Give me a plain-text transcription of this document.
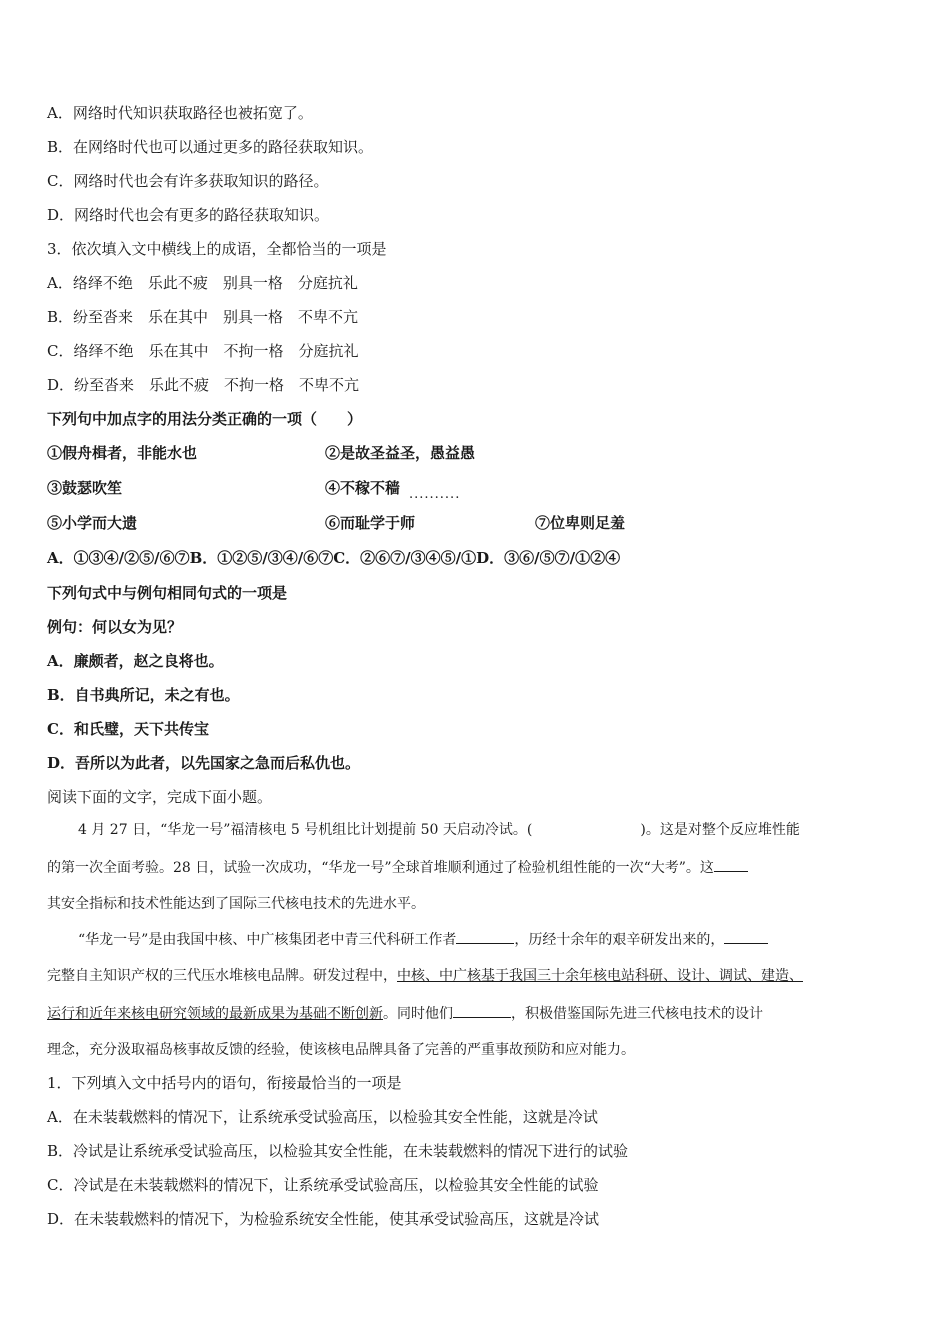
A．网络时代知识获取路径也被拓宽了。
B．在网络时代也可以通过更多的路径获取知识。
C．网络时代也会有许多获取知识的路径。
D．网络时代也会有更多的路径获取知识。
3．依次填入文中横线上的成语，全都恰当的一项是
A．络绎不绝　乐此不疲　别具一格　分庭抗礼
B．纷至沓来　乐在其中　别具一格　不卑不亢
C．络绎不绝　乐在其中　不拘一格　分庭抗礼
D．纷至沓来　乐此不疲　不拘一格　不卑不亢
下列句中加点字的用法分类正确的一项（　　）
①假舟楫者，非能水也	②是故圣益圣，愚益愚
③鼓瑟吹笙	④不稼不穑 ..........
⑤小学而大遗	⑥而耻学于师	⑦位卑则足羞
A．①③④/②⑤/⑥⑦B．①②⑤/③④/⑥⑦C．②⑥⑦/③④⑤/①D．③⑥/⑤⑦/①②④
下列句式中与例句相同句式的一项是
例句：何以女为见？
A．廉颇者，赵之良将也。
B．自书典所记，未之有也。
C．和氏璧，天下共传宝
D．吾所以为此者，以先国家之急而后私仇也。
阅读下面的文字，完成下面小题。
4 月 27 日，“华龙一号”福清核电 5 号机组比计划提前 50 天启动冷试。(	)。这是对整个反应堆性能
的第一次全面考验。28 日，试验一次成功，“华龙一号”全球首堆顺利通过了检验机组性能的一次“大考”。这
其安全指标和技术性能达到了国际三代核电技术的先进水平。
“华龙一号”是由我国中核、中广核集团老中青三代科研工作者	，历经十余年的艰辛研发出来的，
完整自主知识产权的三代压水堆核电品牌。研发过程中，中核、中广核基于我国三十余年核电站科研、设计、调试、建造、
运行和近年来核电研究领域的最新成果为基础不断创新。同时他们	，积极借鉴国际先进三代核电技术的设计
理念，充分汲取福岛核事故反馈的经验，使该核电品牌具备了完善的严重事故预防和应对能力。
1．下列填入文中括号内的语句，衔接最恰当的一项是
A．在未装载燃料的情况下，让系统承受试验高压，以检验其安全性能，这就是冷试
B．冷试是让系统承受试验高压，以检验其安全性能，在未装载燃料的情况下进行的试验
C．冷试是在未装载燃料的情况下，让系统承受试验高压，以检验其安全性能的试验
D．在未装载燃料的情况下，为检验系统安全性能，使其承受试验高压，这就是冷试
